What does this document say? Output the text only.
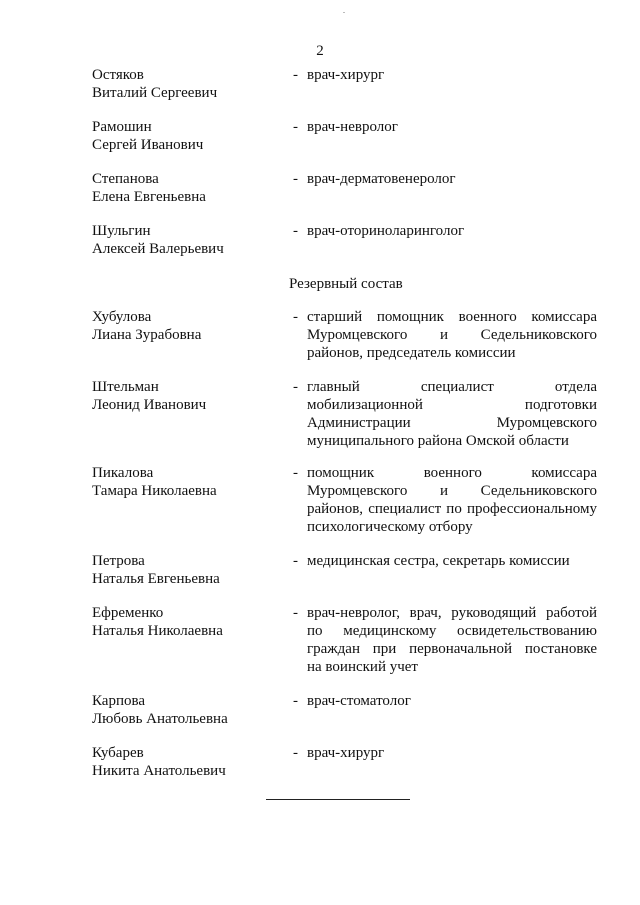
2
Остяков
Виталий Сергеевич
- врач-хирург
Рамошин
Сергей Иванович
- врач-невролог
Степанова
Елена Евгеньевна
- врач-дерматовенеролог
Шульгин
Алексей Валерьевич
- врач-оториноларинголог
Резервный состав
Хубулова
Лиана Зурабовна
- старший помощник военного комиссара
Муромцевского и Седельниковского
районов, председатель комиссии
Штельман
Леонид Иванович
- главный специалист отдела
мобилизационной подготовки
Администрации Муромцевского
муниципального района Омской области
Пикалова
Тамара Николаевна
- помощник военного комиссара
Муромцевского и Седельниковского
районов, специалист по профессиональному
психологическому отбору
Петрова
Наталья Евгеньевна
- медицинская сестра, секретарь комиссии
Ефременко
Наталья Николаевна
- врач-невролог, врач, руководящий работой
по медицинскому освидетельствованию
граждан при первоначальной постановке
на воинский учет
Карпова
Любовь Анатольевна
- врач-стоматолог
Кубарев
Никита Анатольевич
- врач-хирург
